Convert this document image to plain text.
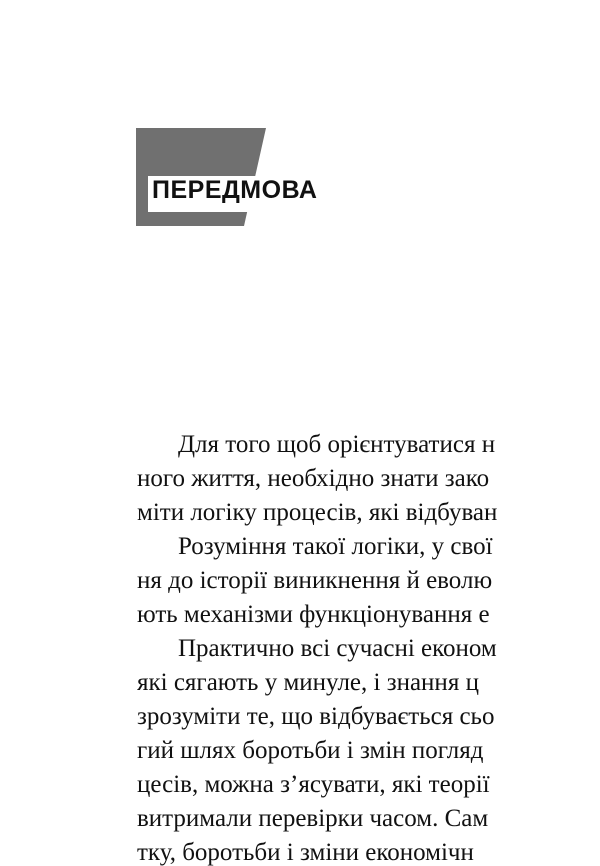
ПЕРЕДМОВА
Для того щоб орієнтуватися н
ного життя, необхідно знати зако
міти логіку процесів, які відбуван
Розуміння такої логіки, у свої
ня до історії виникнення й еволю
ють механізми функціонування е
Практично всі сучасні економ
які сягають у минуле, і знання ц
зрозуміти те, що відбувається сьо
гий шлях боротьби і змін погляд
цесів, можна з’ясувати, які теорії
витримали перевірки часом. Сам
тку, боротьби і зміни економічн
